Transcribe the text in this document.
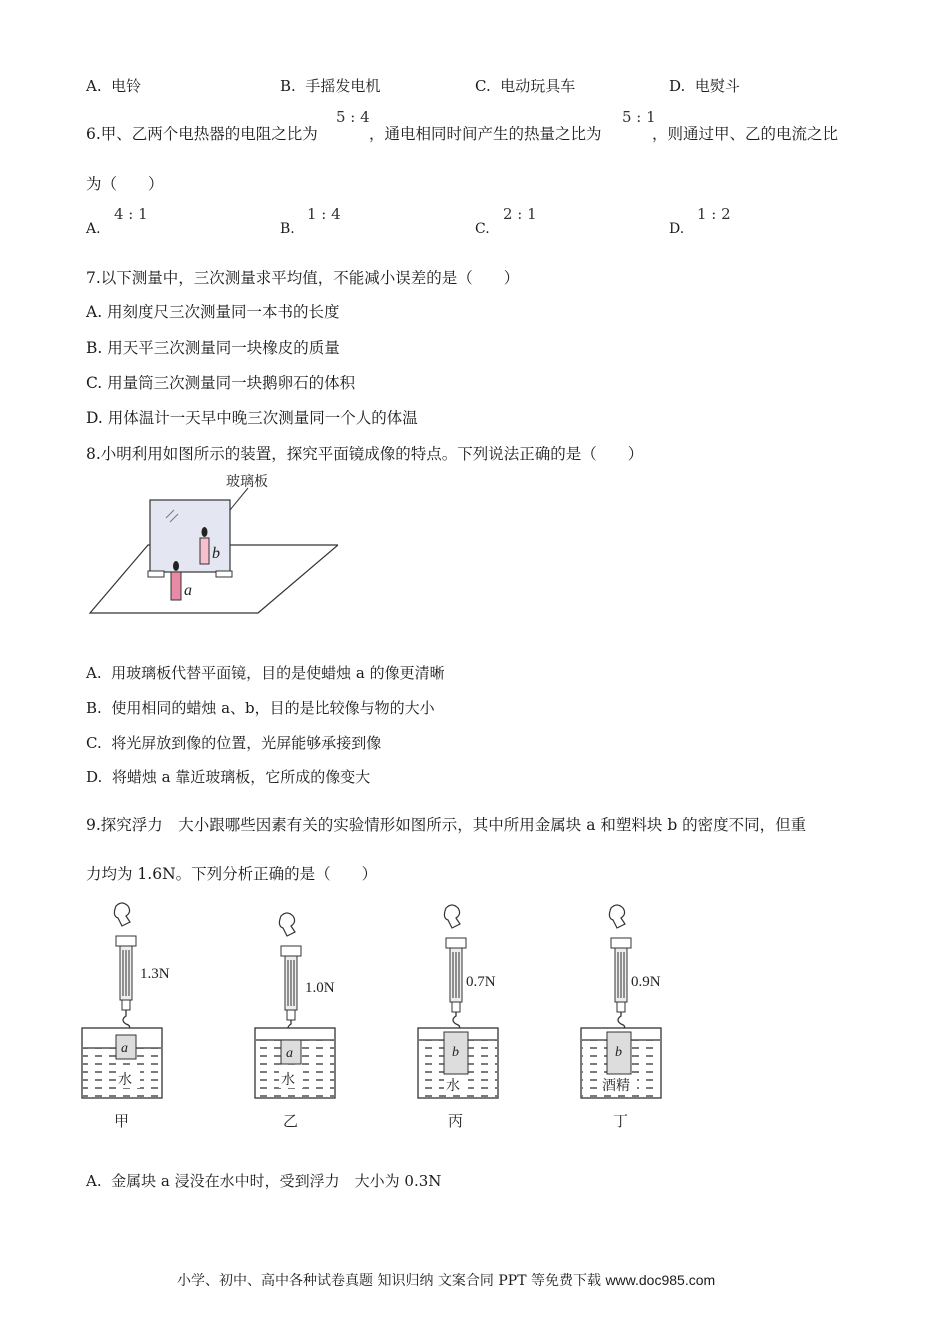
A. 电铃	B. 手摇发电机	C. 电动玩具车	D. 电熨斗
6.甲、乙两个电热器的电阻之比为
5 : 4
，通电相同时间产生的热量之比为
5 : 1
，则通过甲、乙的电流之比
为（　　）
A.
4 : 1
B.
1 : 4
C.
2 : 1
D.
1 : 2
7.以下测量中，三次测量求平均值，不能减小误差的是（　　）
A. 用刻度尺三次测量同一本书的长度
B. 用天平三次测量同一块橡皮的质量
C. 用量筒三次测量同一块鹅卵石的体积
D. 用体温计一天早中晚三次测量同一个人的体温
8.小明利用如图所示的装置，探究平面镜成像的特点。下列说法正确的是（　　）
玻璃板
b
a
A. 用玻璃板代替平面镜，目的是使蜡烛 a 的像更清晰
B. 使用相同的蜡烛 a、b，目的是比较像与物的大小
C. 将光屏放到像的位置，光屏能够承接到像
D. 将蜡烛 a 靠近玻璃板，它所成的像变大
9.探究浮力　大小跟哪些因素有关的实验情形如图所示，其中所用金属块 a 和塑料块 b 的密度不同，但重
力均为 1.6N。下列分析正确的是（　　）
1.3N
a
水
甲
1.0N
a
水
乙
0.7N
b
水
丙
0.9N
b
酒精
丁
A. 金属块 a 浸没在水中时，受到浮力　大小为 0.3N
小学、初中、高中各种试卷真题 知识归纳 文案合同 PPT 等免费下载 www.doc985.com
